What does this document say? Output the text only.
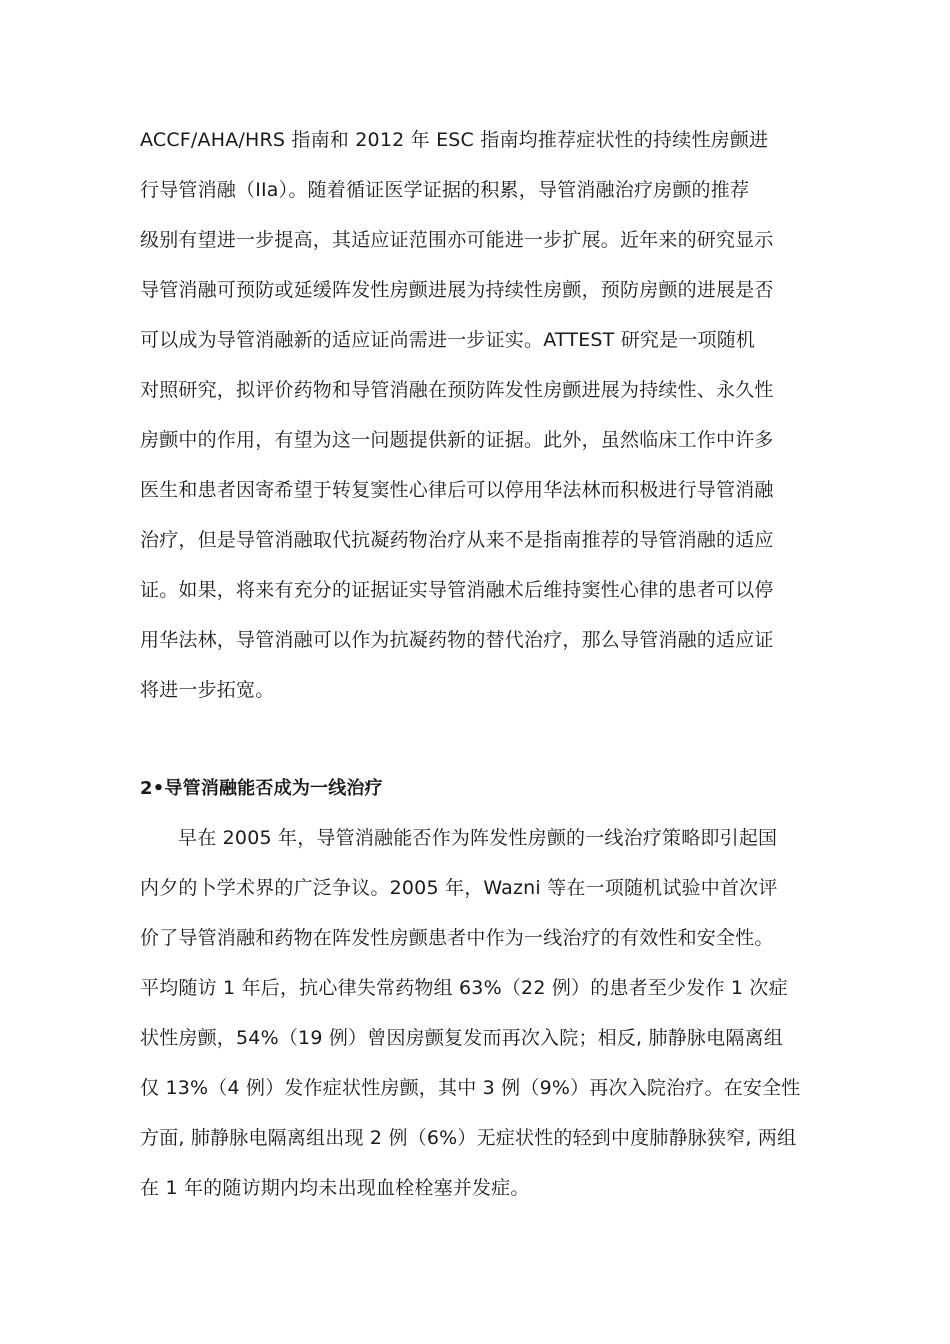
ACCF/AHA/HRS 指南和 2012 年 ESC 指南均推荐症状性的持续性房颤进
行导管消融（IIa）。随着循证医学证据的积累，导管消融治疗房颤的推荐
级别有望进一步提高，其适应证范围亦可能进一步扩展。近年来的研究显示
导管消融可预防或延缓阵发性房颤进展为持续性房颤，预防房颤的进展是否
可以成为导管消融新的适应证尚需进一步证实。ATTEST 研究是一项随机
对照研究，拟评价药物和导管消融在预防阵发性房颤进展为持续性、永久性
房颤中的作用，有望为这一问题提供新的证据。此外，虽然临床工作中许多
医生和患者因寄希望于转复窦性心律后可以停用华法林而积极进行导管消融
治疗，但是导管消融取代抗凝药物治疗从来不是指南推荐的导管消融的适应
证。如果，将来有充分的证据证实导管消融术后维持窦性心律的患者可以停
用华法林，导管消融可以作为抗凝药物的替代治疗，那么导管消融的适应证
将进一步拓宽。
2•导管消融能否成为一线治疗
早在 2005 年，导管消融能否作为阵发性房颤的一线治疗策略即引起国
内夕的卜学术界的广泛争议。2005 年，Wazni 等在一项随机试验中首次评
价了导管消融和药物在阵发性房颤患者中作为一线治疗的有效性和安全性。
平均随访 1 年后，抗心律失常药物组 63%（22 例）的患者至少发作 1 次症
状性房颤，54%（19 例）曾因房颤复发而再次入院；相反, 肺静脉电隔离组
仅 13%（4 例）发作症状性房颤，其中 3 例（9%）再次入院治疗。在安全性
方面, 肺静脉电隔离组出现 2 例（6%）无症状性的轻到中度肺静脉狭窄, 两组
在 1 年的随访期内均未出现血栓栓塞并发症。
